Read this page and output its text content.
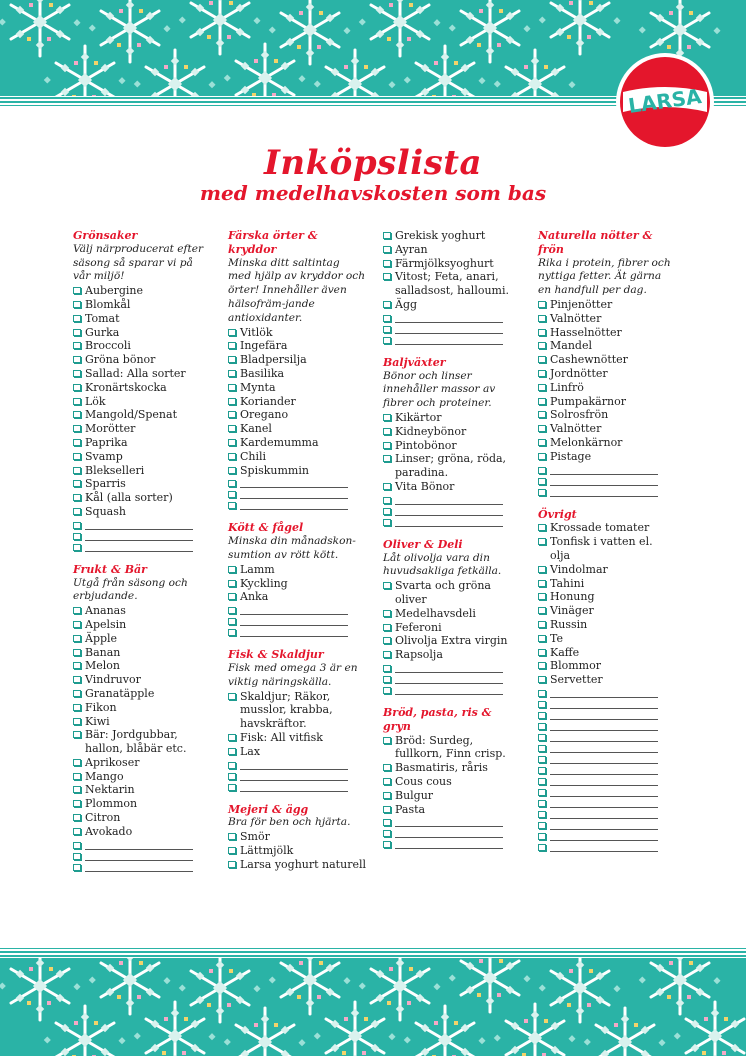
LARSA
Inköpslista
med medelhavskosten som bas
Grönsaker
Välj närproducerat efter säsong så sparar vi på vår miljö!
Aubergine
Blomkål
Tomat
Gurka
Broccoli
Gröna bönor
Sallad: Alla sorter
Kronärtskocka
Lök
Mangold/Spenat
Morötter
Paprika
Svamp
Blekselleri
Sparris
Kål (alla sorter)
Squash
Frukt & Bär
Utgå från säsong och erbjudande.
Ananas
Apelsin
Äpple
Banan
Melon
Vindruvor
Granatäpple
Fikon
Kiwi
Bär: Jordgubbar, hallon, blåbär etc.
Aprikoser
Mango
Nektarin
Plommon
Citron
Avokado
Färska örter & kryddor
Minska ditt saltintag med hjälp av kryddor och örter! Innehåller även hälsofräm-jande antioxidanter.
Vitlök
Ingefära
Bladpersilja
Basilika
Mynta
Koriander
Oregano
Kanel
Kardemumma
Chili
Spiskummin
Kött & fågel
Minska din månadskon-sumtion av rött kött.
Lamm
Kyckling
Anka
Fisk & Skaldjur
Fisk med omega 3 är en viktig näringskälla.
Skaldjur; Räkor, musslor, krabba, havskräftor.
Fisk: All vitfisk
Lax
Mejeri & ägg
Bra för ben och hjärta.
Smör
Lättmjölk
Larsa yoghurt naturell
Grekisk yoghurt
Ayran
Färmjölksyoghurt
Vitost; Feta, anari, salladsost, halloumi.
Ägg
Baljväxter
Bönor och linser innehåller massor av fibrer och proteiner.
Kikärtor
Kidneybönor
Pintobönor
Linser; gröna, röda, paradina.
Vita Bönor
Oliver & Deli
Låt olivolja vara din huvudsakliga fetkälla.
Svarta och gröna oliver
Medelhavsdeli
Feferoni
Olivolja Extra virgin
Rapsolja
Bröd, pasta, ris & gryn
Bröd: Surdeg, fullkorn, Finn crisp.
Basmatiris, råris
Cous cous
Bulgur
Pasta
Naturella nötter & frön
Rika i protein, fibrer och nyttiga fetter. Ät gärna en handfull per dag.
Pinjenötter
Valnötter
Hasselnötter
Mandel
Cashewnötter
Jordnötter
Linfrö
Pumpakärnor
Solrosfrön
Valnötter
Melonkärnor
Pistage
Övrigt
Krossade tomater
Tonfisk i vatten el. olja
Vindolmar
Tahini
Honung
Vinäger
Russin
Te
Kaffe
Blommor
Servetter
